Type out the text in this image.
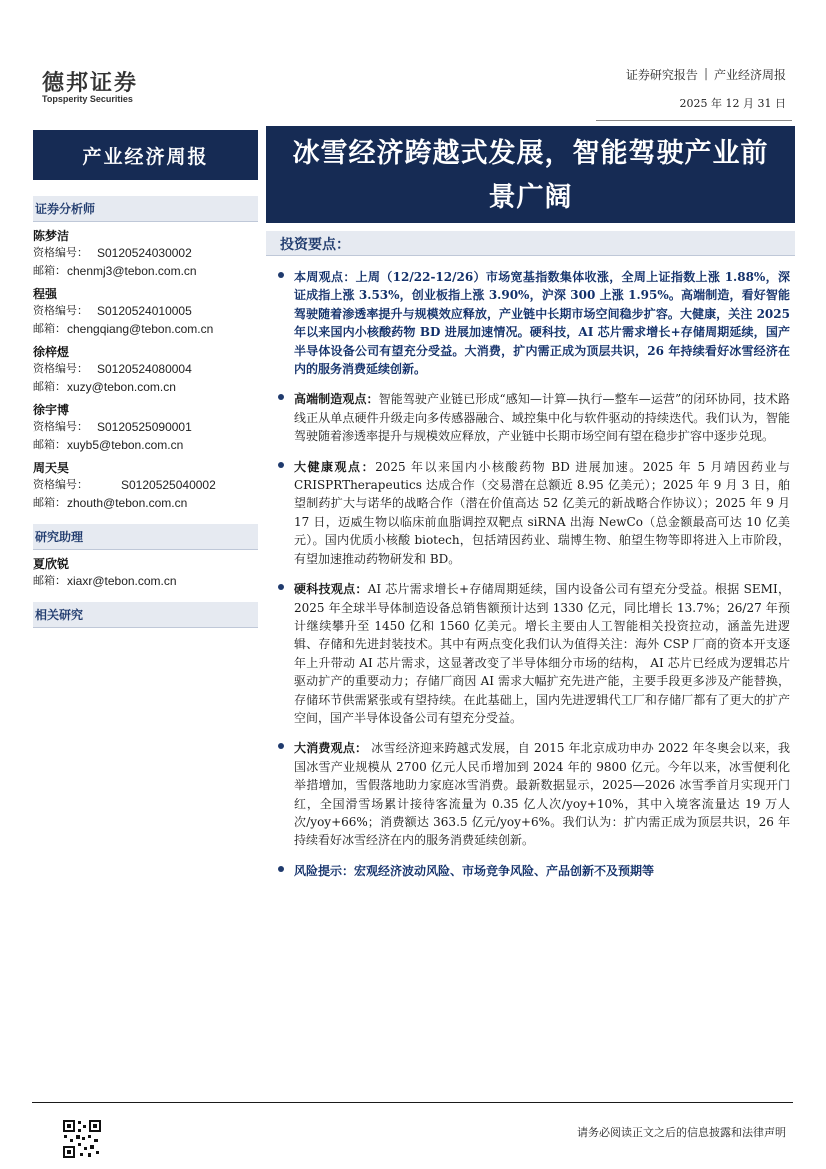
德邦证券
Topsperity Securities
证券研究报告 | 产业经济周报
2025 年 12 月 31 日
产业经济周报	冰雪经济跨越式发展，智能驾驶产业前景广阔
证券分析师
陈梦洁
资格编号： S0120524030002
邮箱： chenmj3@tebon.com.cn
程强
资格编号： S0120524010005
邮箱： chengqiang@tebon.com.cn
徐梓煜
资格编号： S0120524080004
邮箱： xuzy@tebon.com.cn
徐宇博
资格编号： S0120525090001
邮箱： xuyb5@tebon.com.cn
周天昊
资格编号：	S0120525040002
邮箱： zhouth@tebon.com.cn
研究助理
夏欣锐
邮箱： xiaxr@tebon.com.cn
相关研究
投资要点：
本周观点：上周（12/22-12/26）市场宽基指数集体收涨，全周上证指数上涨 1.88%，深证成指上涨 3.53%，创业板指上涨 3.90%，沪深 300 上涨 1.95%。高端制造，看好智能驾驶随着渗透率提升与规模效应释放，产业链中长期市场空间稳步扩容。大健康，关注 2025 年以来国内小核酸药物 BD 进展加速情况。硬科技，AI 芯片需求增长+存储周期延续，国产半导体设备公司有望充分受益。大消费，扩内需正成为顶层共识，26 年持续看好冰雪经济在内的服务消费延续创新。
高端制造观点：智能驾驶产业链已形成“感知—计算—执行—整车—运营”的闭环协同，技术路线正从单点硬件升级走向多传感器融合、域控集中化与软件驱动的持续迭代。我们认为，智能驾驶随着渗透率提升与规模效应释放，产业链中长期市场空间有望在稳步扩容中逐步兑现。
大健康观点：2025 年以来国内小核酸药物 BD 进展加速。2025 年 5 月靖因药业与 CRISPRTherapeutics 达成合作（交易潜在总额近 8.95 亿美元）；2025 年 9 月 3 日，舶望制药扩大与诺华的战略合作（潜在价值高达 52 亿美元的新战略合作协议）；2025 年 9 月 17 日，迈威生物以临床前血脂调控双靶点 siRNA 出海 NewCo（总金额最高可达 10 亿美元）。国内优质小核酸 biotech，包括靖因药业、瑞博生物、舶望生物等即将进入上市阶段，有望加速推动药物研发和 BD。
硬科技观点：AI 芯片需求增长+存储周期延续，国内设备公司有望充分受益。根据 SEMI，2025 年全球半导体制造设备总销售额预计达到 1330 亿元，同比增长 13.7%；26/27 年预计继续攀升至 1450 亿和 1560 亿美元。增长主要由人工智能相关投资拉动，涵盖先进逻辑、存储和先进封装技术。其中有两点变化我们认为值得关注：海外 CSP 厂商的资本开支逐年上升带动 AI 芯片需求，这显著改变了半导体细分市场的结构， AI 芯片已经成为逻辑芯片驱动扩产的重要动力；存储厂商因 AI 需求大幅扩充先进产能，主要手段更多涉及产能替换，存储环节供需紧张或有望持续。在此基础上，国内先进逻辑代工厂和存储厂都有了更大的扩产空间，国产半导体设备公司有望充分受益。
大消费观点： 冰雪经济迎来跨越式发展，自 2015 年北京成功申办 2022 年冬奥会以来，我国冰雪产业规模从 2700 亿元人民币增加到 2024 年的 9800 亿元。今年以来，冰雪便利化举措增加，雪假落地助力家庭冰雪消费。最新数据显示，2025—2026 冰雪季首月实现开门红，全国滑雪场累计接待客流量为 0.35 亿人次/yoy+10%，其中入境客流量达 19 万人次/yoy+66%；消费额达 363.5 亿元/yoy+6%。我们认为：扩内需正成为顶层共识，26 年持续看好冰雪经济在内的服务消费延续创新。
风险提示：宏观经济波动风险、市场竞争风险、产品创新不及预期等
请务必阅读正文之后的信息披露和法律声明
